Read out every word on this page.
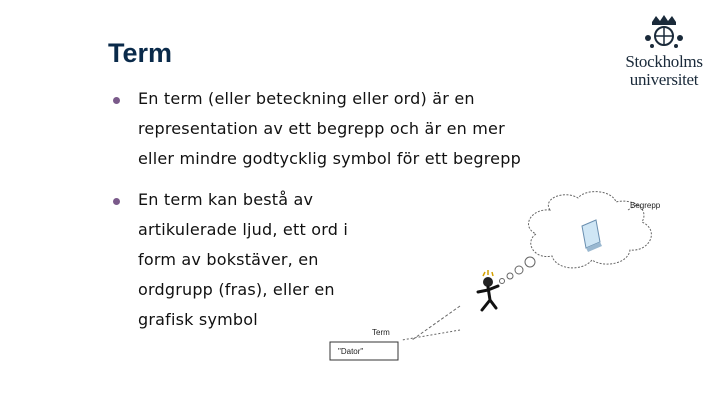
Term
En term (eller beteckning eller ord) är en
representation av ett begrepp och är en mer
eller mindre godtycklig symbol för ett begrepp
En term kan bestå av
artikulerade ljud, ett ord i
form av bokstäver, en
ordgrupp (fras), eller en
grafisk symbol
Stockholms
universitet
Begrepp
Term
"Dator"
